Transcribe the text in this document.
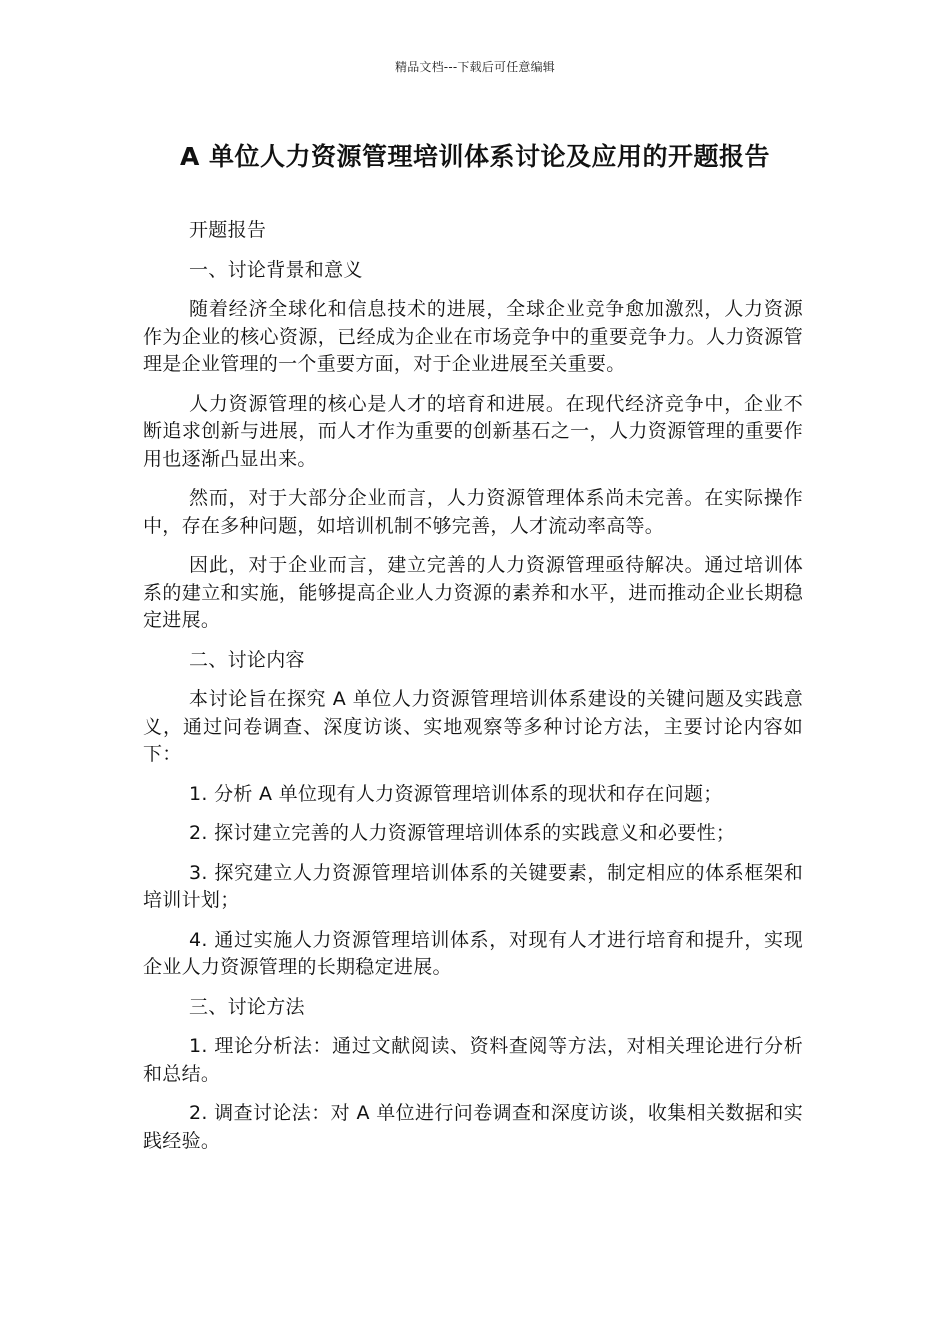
精品文档---下载后可任意编辑
A 单位人力资源管理培训体系讨论及应用的开题报告

开题报告

一、讨论背景和意义

随着经济全球化和信息技术的进展，全球企业竞争愈加激烈，人力资源作为企业的核心资源，已经成为企业在市场竞争中的重要竞争力。人力资源管理是企业管理的一个重要方面，对于企业进展至关重要。

人力资源管理的核心是人才的培育和进展。在现代经济竞争中，企业不断追求创新与进展，而人才作为重要的创新基石之一，人力资源管理的重要作用也逐渐凸显出来。

然而，对于大部分企业而言，人力资源管理体系尚未完善。在实际操作中，存在多种问题，如培训机制不够完善，人才流动率高等。

因此，对于企业而言，建立完善的人力资源管理亟待解决。通过培训体系的建立和实施，能够提高企业人力资源的素养和水平，进而推动企业长期稳定进展。

二、讨论内容

本讨论旨在探究 A 单位人力资源管理培训体系建设的关键问题及实践意义，通过问卷调查、深度访谈、实地观察等多种讨论方法，主要讨论内容如下：

1. 分析 A 单位现有人力资源管理培训体系的现状和存在问题；

2. 探讨建立完善的人力资源管理培训体系的实践意义和必要性；

3. 探究建立人力资源管理培训体系的关键要素，制定相应的体系框架和培训计划；

4. 通过实施人力资源管理培训体系，对现有人才进行培育和提升，实现企业人力资源管理的长期稳定进展。

三、讨论方法

1. 理论分析法：通过文献阅读、资料查阅等方法，对相关理论进行分析和总结。

2. 调查讨论法：对 A 单位进行问卷调查和深度访谈，收集相关数据和实践经验。
